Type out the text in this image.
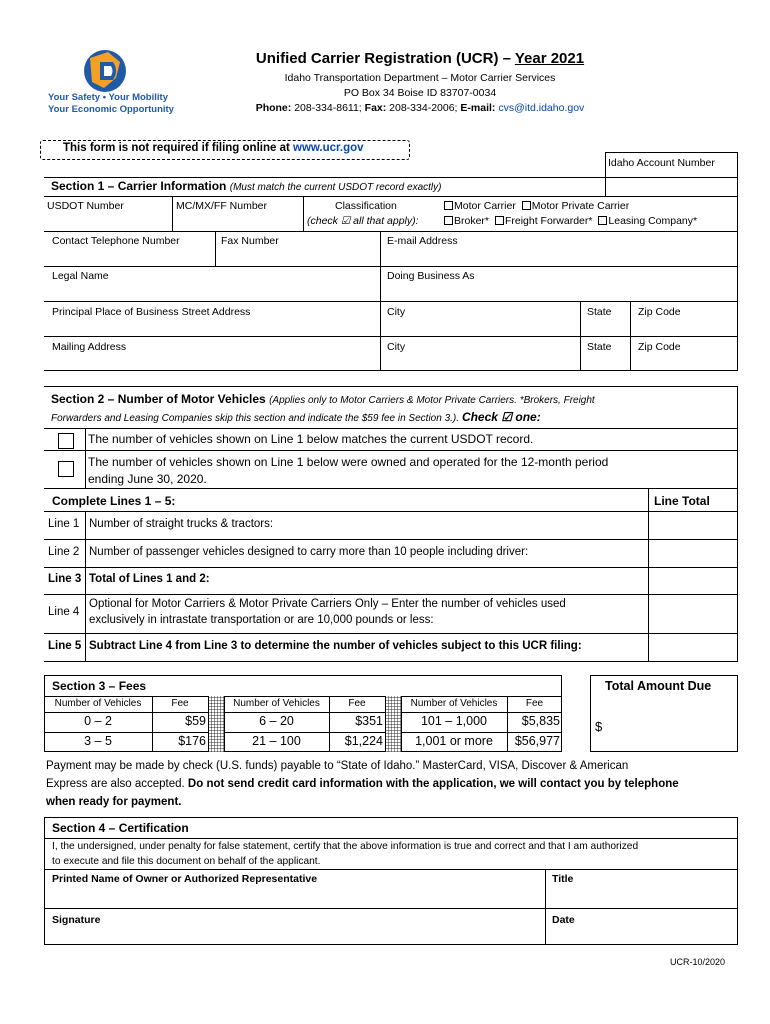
Your Safety • Your Mobility
Your Economic Opportunity
Unified Carrier Registration (UCR) – Year 2021
Idaho Transportation Department – Motor Carrier Services
PO Box 34 Boise ID 83707-0034
Phone: 208-334-8611; Fax: 208-334-2006; E-mail: cvs@itd.idaho.gov
This form is not required if filing online at www.ucr.gov
Idaho Account Number
Section 1 – Carrier Information (Must match the current USDOT record exactly)
USDOT Number	MC/MX/FF Number	Classification
(check ☑ all that apply):
Motor Carrier Motor Private Carrier
Broker* Freight Forwarder* Leasing Company*
Contact Telephone Number	Fax Number	E-mail Address
Legal Name	Doing Business As
Principal Place of Business Street Address	City	State	Zip Code
Mailing Address	City	State	Zip Code
Section 2 – Number of Motor Vehicles (Applies only to Motor Carriers & Motor Private Carriers. *Brokers, Freight
Forwarders and Leasing Companies skip this section and indicate the $59 fee in Section 3.). Check ☑ one:
The number of vehicles shown on Line 1 below matches the current USDOT record.
The number of vehicles shown on Line 1 below were owned and operated for the 12-month period
ending June 30, 2020.
Complete Lines 1 – 5:	Line Total
Line 1 Number of straight trucks & tractors:
Line 2 Number of passenger vehicles designed to carry more than 10 people including driver:
Line 3 Total of Lines 1 and 2:
Line 4
Optional for Motor Carriers & Motor Private Carriers Only – Enter the number of vehicles used
exclusively in intrastate transportation or are 10,000 pounds or less:
Line 5 Subtract Line 4 from Line 3 to determine the number of vehicles subject to this UCR filing:
Section 3 – Fees
Number of Vehicles	Fee	Number of Vehicles	Fee	Number of Vehicles	Fee
0 – 2	$59	6 – 20	$351	101 – 1,000	$5,835
3 – 5	$176	21 – 100	$1,224	1,001 or more	$56,977
Total Amount Due
$
Payment may be made by check (U.S. funds) payable to “State of Idaho.” MasterCard, VISA, Discover & American
Express are also accepted. Do not send credit card information with the application, we will contact you by telephone
when ready for payment.
Section 4 – Certification
I, the undersigned, under penalty for false statement, certify that the above information is true and correct and that I am authorized
to execute and file this document on behalf of the applicant.
Printed Name of Owner or Authorized Representative	Title
Signature	Date
UCR-10/2020
